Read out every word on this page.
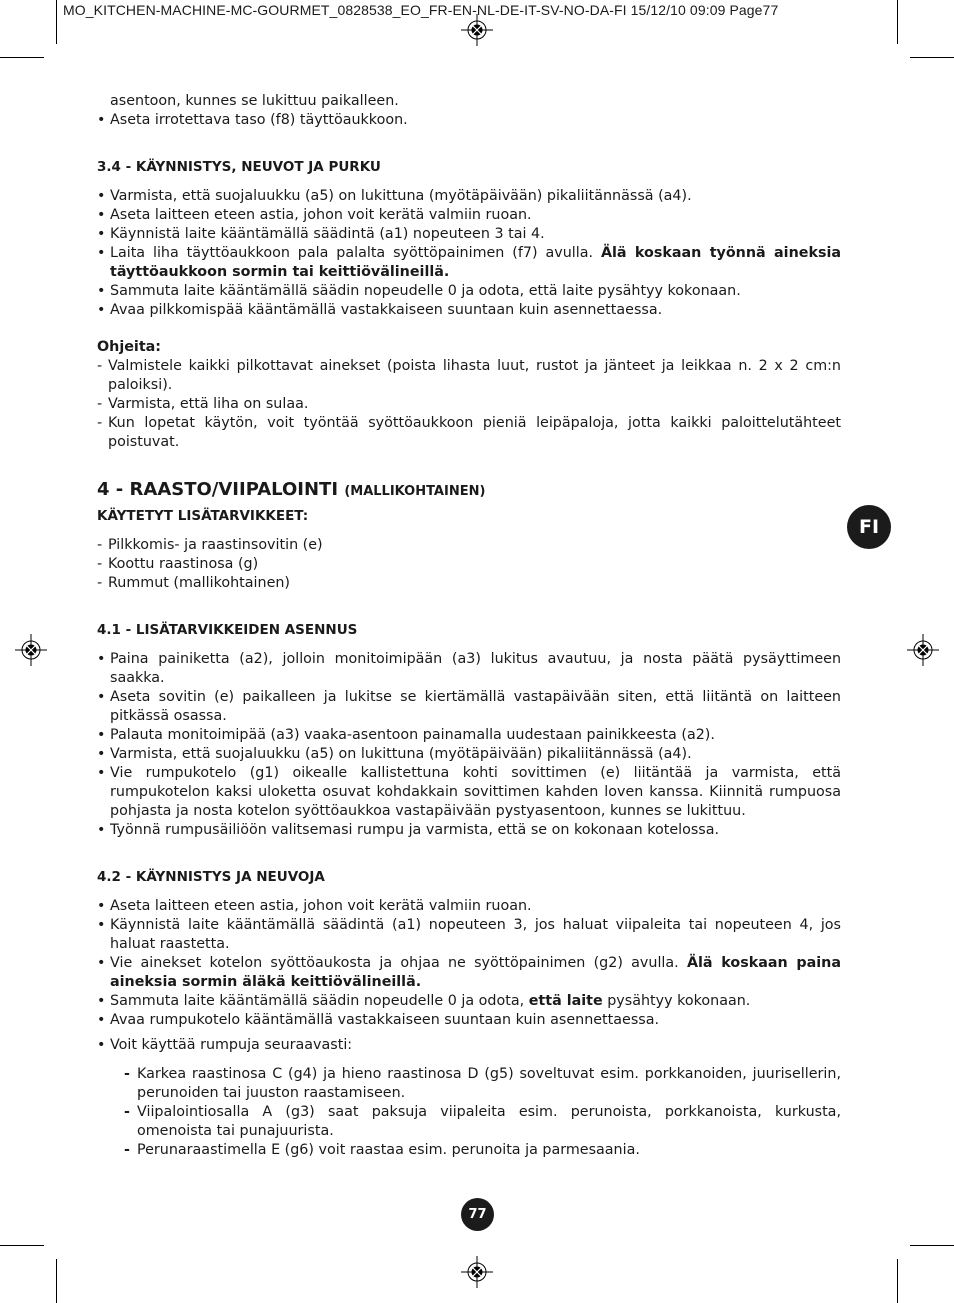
MO_KITCHEN-MACHINE-MC-GOURMET_0828538_EO_FR-EN-NL-DE-IT-SV-NO-DA-FI 15/12/10 09:09 Page77
FI

asentoon, kunnes se lukittuu paikalleen.

• Aseta irrotettava taso (f8) täyttöaukkoon.

3.4 - KÄYNNISTYS, NEUVOT JA PURKU

• Varmista, että suojaluukku (a5) on lukittuna (myötäpäivään) pikaliitännässä (a4).
• Aseta laitteen eteen astia, johon voit kerätä valmiin ruoan.
• Käynnistä laite kääntämällä säädintä (a1) nopeuteen 3 tai 4.
• Laita liha täyttöaukkoon pala palalta syöttöpainimen (f7) avulla. Älä koskaan työnnä aineksia täyttöaukkoon sormin tai keittiövälineillä.
• Sammuta laite kääntämällä säädin nopeudelle 0 ja odota, että laite pysähtyy kokonaan.
• Avaa pilkkomispää kääntämällä vastakkaiseen suuntaan kuin asennettaessa.

Ohjeita:

- Valmistele kaikki pilkottavat ainekset (poista lihasta luut, rustot ja jänteet ja leikkaa n. 2 x 2 cm:n paloiksi).
- Varmista, että liha on sulaa.
- Kun lopetat käytön, voit työntää syöttöaukkoon pieniä leipäpaloja, jotta kaikki paloittelutähteet poistuvat.

4 - RAASTO/VIIPALOINTI (MALLIKOHTAINEN)

KÄYTETYT LISÄTARVIKKEET:

- Pilkkomis- ja raastinsovitin (e)
- Koottu raastinosa (g)
- Rummut (mallikohtainen)

4.1 - LISÄTARVIKKEIDEN ASENNUS

• Paina painiketta (a2), jolloin monitoimipään (a3) lukitus avautuu, ja nosta päätä pysäyttimeen saakka.
• Aseta sovitin (e) paikalleen ja lukitse se kiertämällä vastapäivään siten, että liitäntä on laitteen pitkässä osassa.
• Palauta monitoimipää (a3) vaaka-asentoon painamalla uudestaan painikkeesta (a2).
• Varmista, että suojaluukku (a5) on lukittuna (myötäpäivään) pikaliitännässä (a4).
• Vie rumpukotelo (g1) oikealle kallistettuna kohti sovittimen (e) liitäntää ja varmista, että rumpukotelon kaksi ulokettа osuvat kohdakkain sovittimen kahden loven kanssa. Kiinnitä rumpuosa pohjasta ja nosta kotelon syöttöaukkoa vastapäivään pystyasentoon, kunnes se lukittuu.
• Työnnä rumpusäiliöön valitsemasi rumpu ja varmista, että se on kokonaan kotelossa.

4.2 - KÄYNNISTYS JA NEUVOJA

• Aseta laitteen eteen astia, johon voit kerätä valmiin ruoan.
• Käynnistä laite kääntämällä säädintä (a1) nopeuteen 3, jos haluat viipaleita tai nopeuteen 4, jos haluat raastetta.
• Vie ainekset kotelon syöttöaukosta ja ohjaa ne syöttöpainimen (g2) avulla. Älä koskaan paina aineksia sormin äläkä keittiövälineillä.
• Sammuta laite kääntämällä säädin nopeudelle 0 ja odota, että laite pysähtyy kokonaan.
• Avaa rumpukotelo kääntämällä vastakkaiseen suuntaan kuin asennettaessa.
• Voit käyttää rumpuja seuraavasti:
- Karkea raastinosa C (g4) ja hieno raastinosa D (g5) soveltuvat esim. porkkanoiden, juurisellerin, perunoiden tai juuston raastamiseen.
- Viipalointiosalla A (g3) saat paksuja viipaleita esim. perunoista, porkkanoista, kurkusta, omenoista tai punajuurista.
- Perunaraastimella E (g6) voit raastaa esim. perunoita ja parmesaania.
77
